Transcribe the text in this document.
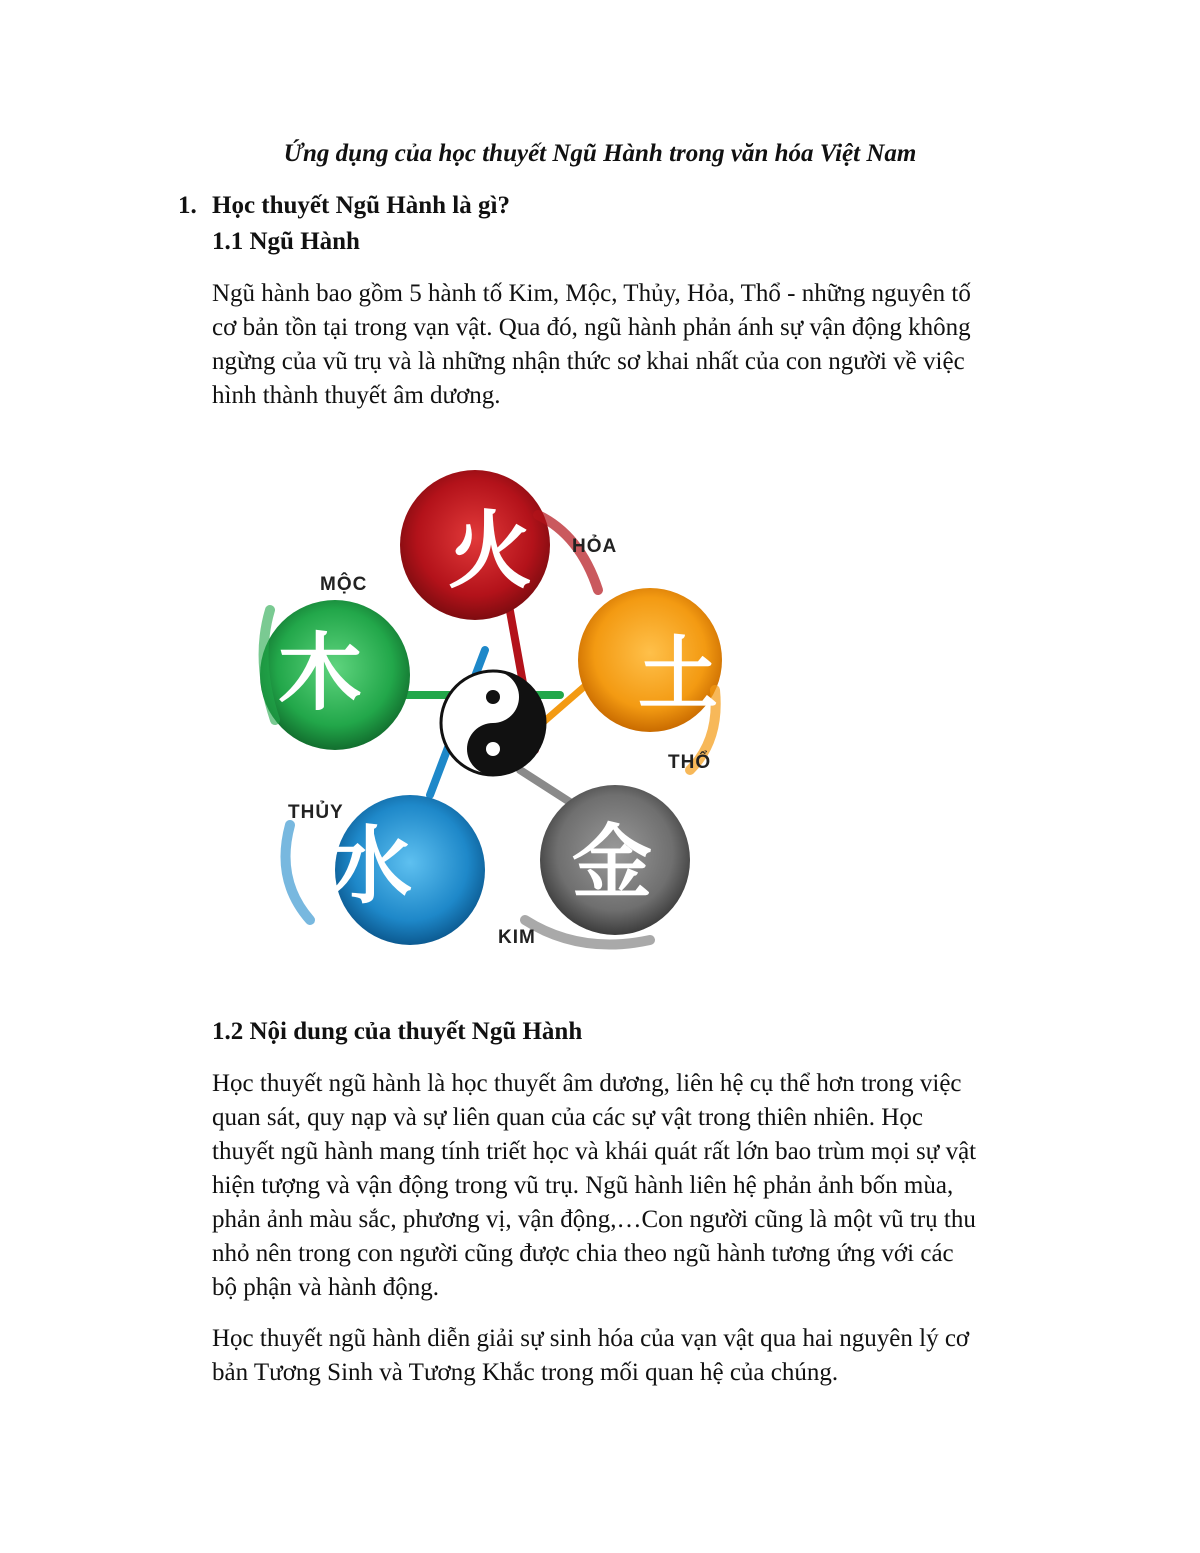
Ứng dụng của học thuyết Ngũ Hành trong văn hóa Việt Nam
1. Học thuyết Ngũ Hành là gì?
1.1 Ngũ Hành
Ngũ hành bao gồm 5 hành tố Kim, Mộc, Thủy, Hỏa, Thổ - những nguyên tố
cơ bản tồn tại trong vạn vật. Qua đó, ngũ hành phản ánh sự vận động không
ngừng của vũ trụ và là những nhận thức sơ khai nhất của con người về việc
hình thành thuyết âm dương.
火 HỎA
土
THỔ
金
KIM
水
THỦY
木
MỘC
1.2 Nội dung của thuyết Ngũ Hành
Học thuyết ngũ hành là học thuyết âm dương, liên hệ cụ thể hơn trong việc
quan sát, quy nạp và sự liên quan của các sự vật trong thiên nhiên. Học
thuyết ngũ hành mang tính triết học và khái quát rất lớn bao trùm mọi sự vật
hiện tượng và vận động trong vũ trụ. Ngũ hành liên hệ phản ảnh bốn mùa,
phản ảnh màu sắc, phương vị, vận động,…Con người cũng là một vũ trụ thu
nhỏ nên trong con người cũng được chia theo ngũ hành tương ứng với các
bộ phận và hành động.
Học thuyết ngũ hành diễn giải sự sinh hóa của vạn vật qua hai nguyên lý cơ
bản Tương Sinh và Tương Khắc trong mối quan hệ của chúng.
